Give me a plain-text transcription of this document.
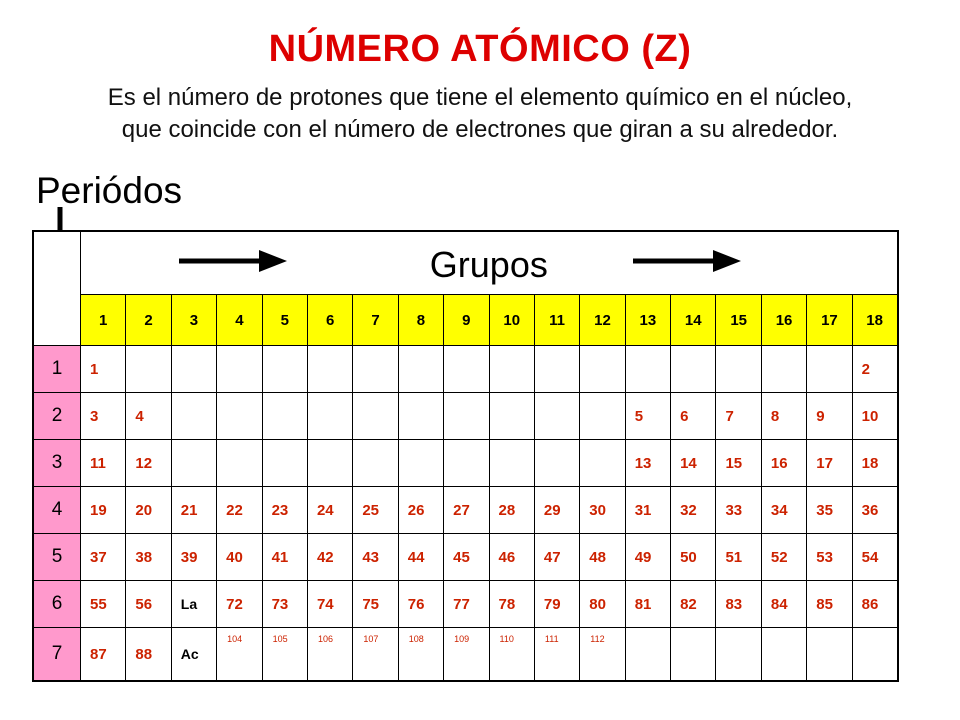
NÚMERO ATÓMICO (Z)
Es el número de protones que tiene el elemento químico en el núcleo,
que coincide con el número de electrones que giran a su alrededor.
Periódos

Grupos																	

	1	2	3	4	5	6	7	8	9	10	11	12	13	14	15	16	17	18
1	1																	2
2	3	4											5	6	7	8	9	10
3	11	12											13	14	15	16	17	18
4	19	20	21	22	23	24	25	26	27	28	29	30	31	32	33	34	35	36
5	37	38	39	40	41	42	43	44	45	46	47	48	49	50	51	52	53	54
6	55	56	La	72	73	74	75	76	77	78	79	80	81	82	83	84	85	86
7	87	88	Ac	104	105	106	107	108	109	110	111	112						
